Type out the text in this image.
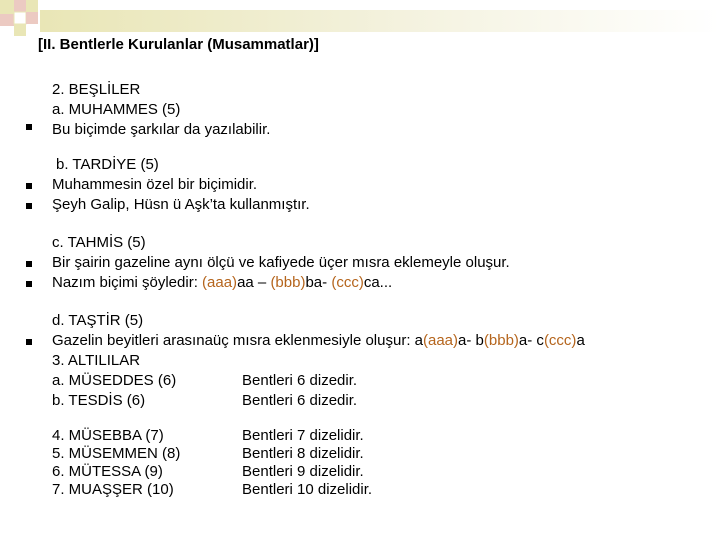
[II. Bentlerle Kurulanlar (Musammatlar)]
2. BEŞLİLER
a. MUHAMMES (5)
Bu biçimde şarkılar da yazılabilir.
b. TARDİYE (5)
Muhammesin özel bir biçimidir.
Şeyh Galip, Hüsn ü Aşk’ta kullanmıştır.
c. TAHMİS (5)
Bir şairin gazeline aynı ölçü ve kafiyede üçer mısra eklemeyle oluşur.
Nazım biçimi şöyledir: (aaa)aa – (bbb)ba- (ccc)ca...
d. TAŞTİR (5)
Gazelin beyitleri arasınaüç mısra eklenmesiyle oluşur: a(aaa)a- b(bbb)a- c(ccc)a
3. ALTILILAR
a. MÜSEDDES (6)
b. TESDİS (6)
Bentleri 6 dizedir.
Bentleri 6 dizedir.
4. MÜSEBBA (7)
5. MÜSEMMEN (8)
6. MÜTESSA (9)
7. MUAŞŞER (10)
Bentleri 7 dizelidir.
Bentleri 8 dizelidir.
Bentleri 9 dizelidir.
Bentleri 10 dizelidir.
